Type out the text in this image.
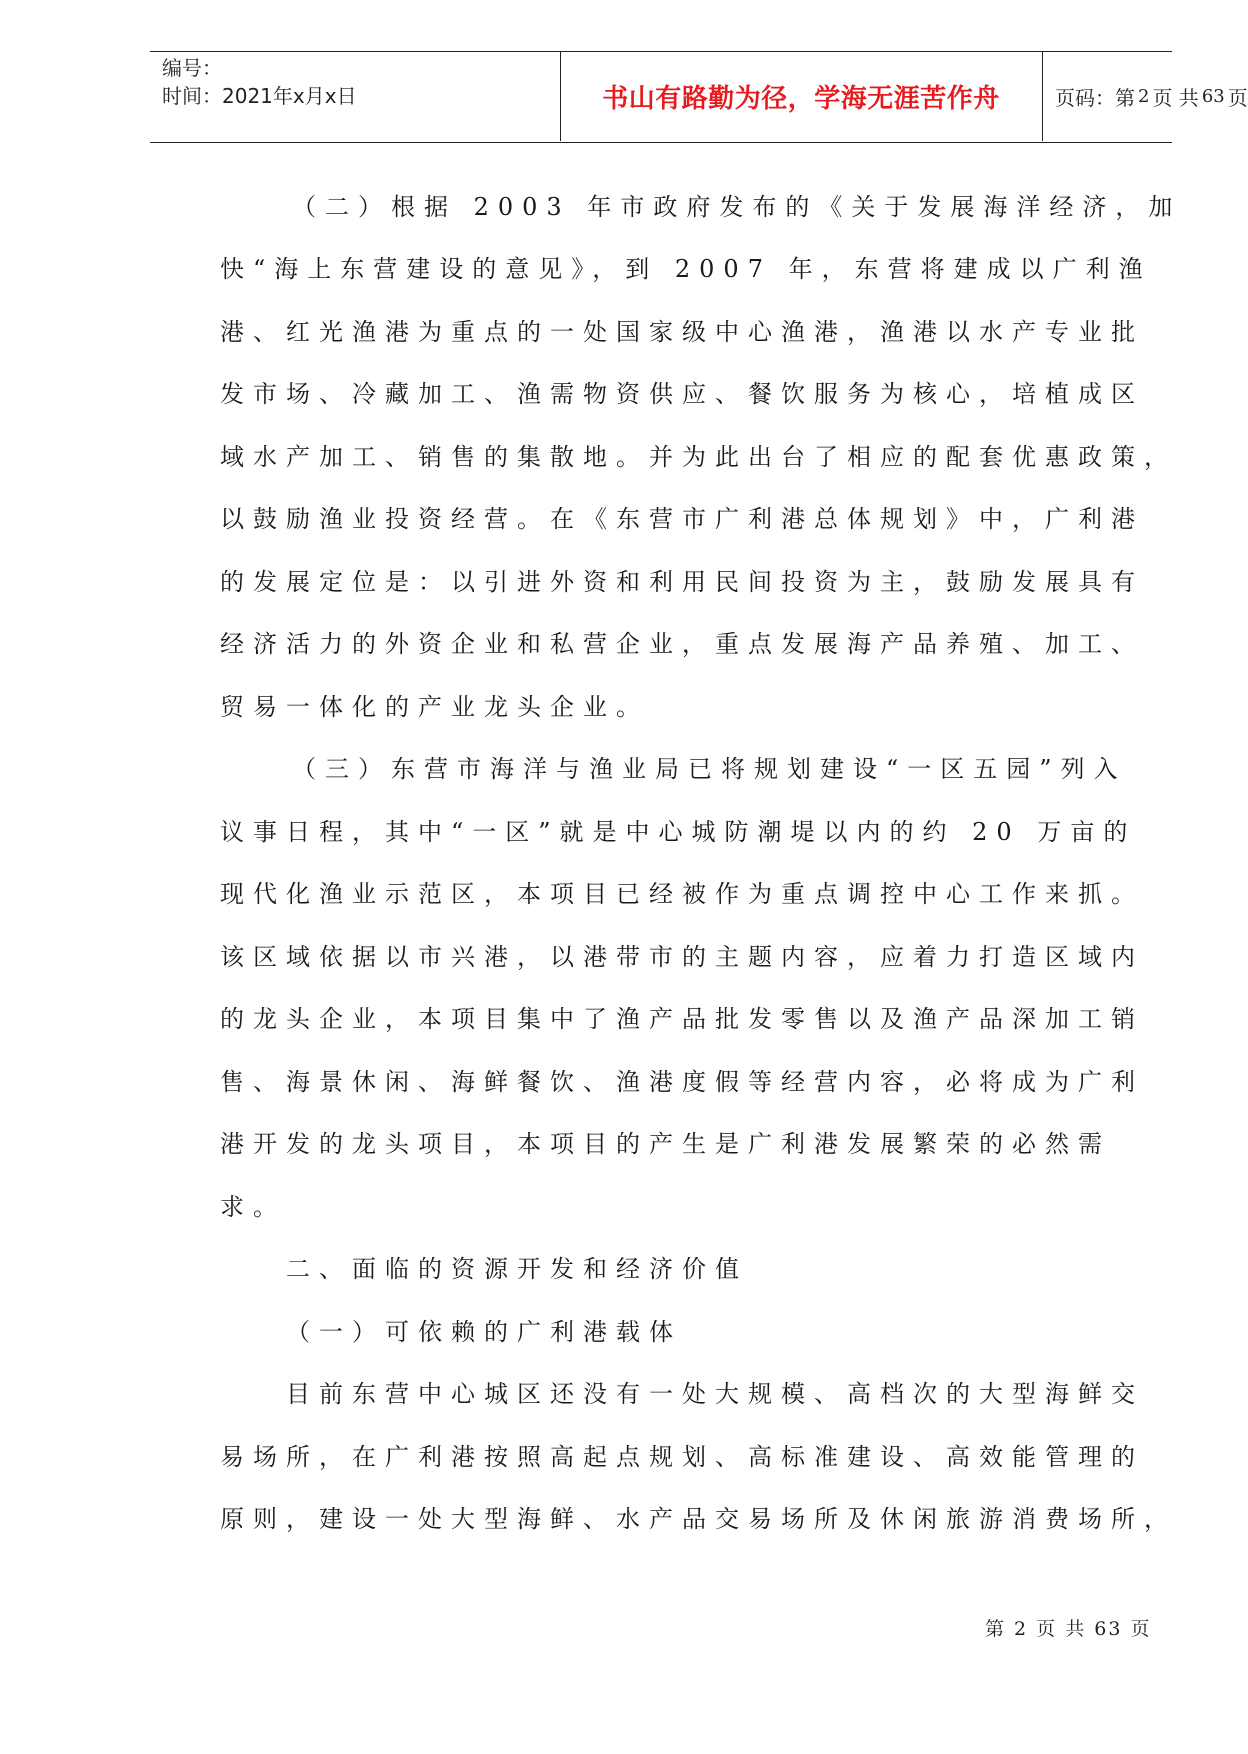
编号：
时间：2021年x月x日	书山有路勤为径，学海无涯苦作舟	页码：第 2 页 共 63 页
（二）根据 2003 年市政府发布的《关于发展海洋经济，加
快“海上东营建设的意见》，到 2007 年，东营将建成以广利渔
港、红光渔港为重点的一处国家级中心渔港，渔港以水产专业批
发市场、冷藏加工、渔需物资供应、餐饮服务为核心，培植成区
域水产加工、销售的集散地。并为此出台了相应的配套优惠政策，
以鼓励渔业投资经营。在《东营市广利港总体规划》中，广利港
的发展定位是：以引进外资和利用民间投资为主，鼓励发展具有
经济活力的外资企业和私营企业，重点发展海产品养殖、加工、
贸易一体化的产业龙头企业。
（三）东营市海洋与渔业局已将规划建设“一区五园”列入
议事日程，其中“一区”就是中心城防潮堤以内的约 20 万亩的
现代化渔业示范区，本项目已经被作为重点调控中心工作来抓。
该区域依据以市兴港，以港带市的主题内容，应着力打造区域内
的龙头企业，本项目集中了渔产品批发零售以及渔产品深加工销
售、海景休闲、海鲜餐饮、渔港度假等经营内容，必将成为广利
港开发的龙头项目，本项目的产生是广利港发展繁荣的必然需
求。
二、面临的资源开发和经济价值
（一）可依赖的广利港载体
目前东营中心城区还没有一处大规模、高档次的大型海鲜交
易场所，在广利港按照高起点规划、高标准建设、高效能管理的
原则，建设一处大型海鲜、水产品交易场所及休闲旅游消费场所，
第 2 页 共 63 页
